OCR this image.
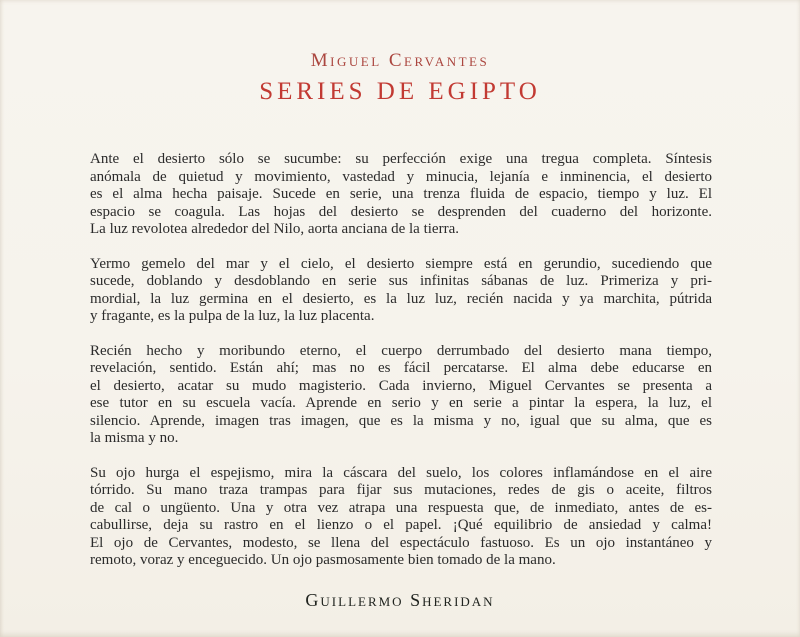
Miguel Cervantes
SERIES DE EGIPTO
Ante el desierto sólo se sucumbe: su perfección exige una tregua completa. Síntesis
anómala de quietud y movimiento, vastedad y minucia, lejanía e inminencia, el desierto
es el alma hecha paisaje. Sucede en serie, una trenza fluida de espacio, tiempo y luz. El
espacio se coagula. Las hojas del desierto se desprenden del cuaderno del horizonte.
La luz revolotea alrededor del Nilo, aorta anciana de la tierra.
Yermo gemelo del mar y el cielo, el desierto siempre está en gerundio, sucediendo que
sucede, doblando y desdoblando en serie sus infinitas sábanas de luz. Primeriza y pri-
mordial, la luz germina en el desierto, es la luz luz, recién nacida y ya marchita, pútrida
y fragante, es la pulpa de la luz, la luz placenta.
Recién hecho y moribundo eterno, el cuerpo derrumbado del desierto mana tiempo,
revelación, sentido. Están ahí; mas no es fácil percatarse. El alma debe educarse en
el desierto, acatar su mudo magisterio. Cada invierno, Miguel Cervantes se presenta a
ese tutor en su escuela vacía. Aprende en serio y en serie a pintar la espera, la luz, el
silencio. Aprende, imagen tras imagen, que es la misma y no, igual que su alma, que es
la misma y no.
Su ojo hurga el espejismo, mira la cáscara del suelo, los colores inflamándose en el aire
tórrido. Su mano traza trampas para fijar sus mutaciones, redes de gis o aceite, filtros
de cal o ungüento. Una y otra vez atrapa una respuesta que, de inmediato, antes de es-
cabullirse, deja su rastro en el lienzo o el papel. ¡Qué equilibrio de ansiedad y calma!
El ojo de Cervantes, modesto, se llena del espectáculo fastuoso. Es un ojo instantáneo y
remoto, voraz y enceguecido. Un ojo pasmosamente bien tomado de la mano.
Guillermo Sheridan
